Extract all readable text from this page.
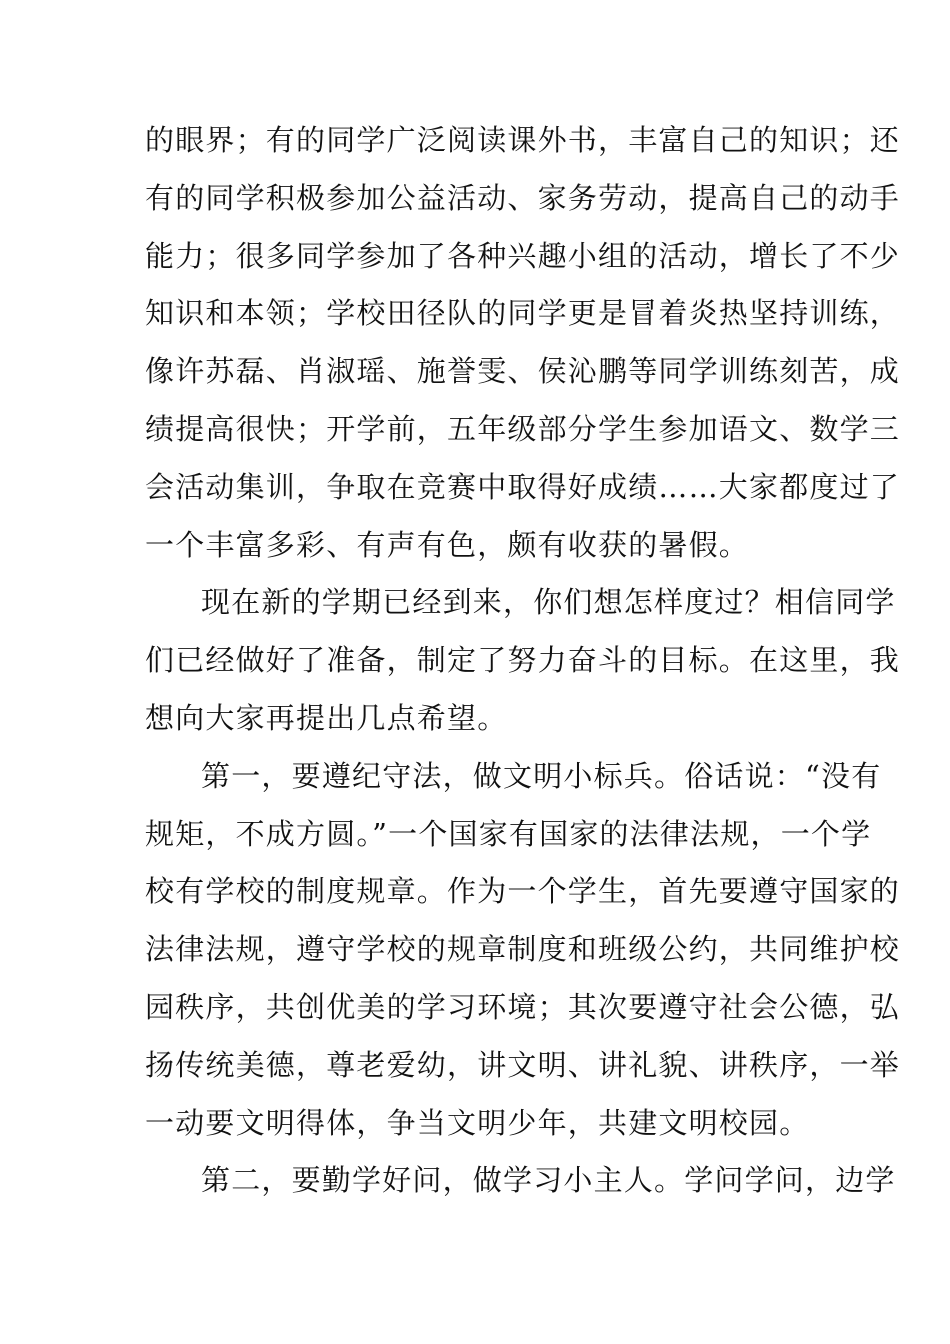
的眼界；有的同学广泛阅读课外书，丰富自己的知识；还
有的同学积极参加公益活动、家务劳动，提高自己的动手
能力；很多同学参加了各种兴趣小组的活动，增长了不少
知识和本领；学校田径队的同学更是冒着炎热坚持训练，
像许苏磊、肖淑瑶、施誉雯、侯沁鹏等同学训练刻苦，成
绩提高很快；开学前，五年级部分学生参加语文、数学三
会活动集训，争取在竞赛中取得好成绩……大家都度过了
一个丰富多彩、有声有色，颇有收获的暑假。
现在新的学期已经到来，你们想怎样度过？相信同学
们已经做好了准备，制定了努力奋斗的目标。在这里，我
想向大家再提出几点希望。
第一，要遵纪守法，做文明小标兵。俗话说：“没有
规矩，不成方圆。”一个国家有国家的法律法规，一个学
校有学校的制度规章。作为一个学生，首先要遵守国家的
法律法规，遵守学校的规章制度和班级公约，共同维护校
园秩序，共创优美的学习环境；其次要遵守社会公德，弘
扬传统美德，尊老爱幼，讲文明、讲礼貌、讲秩序，一举
一动要文明得体，争当文明少年，共建文明校园。
第二，要勤学好问，做学习小主人。学问学问，边学
